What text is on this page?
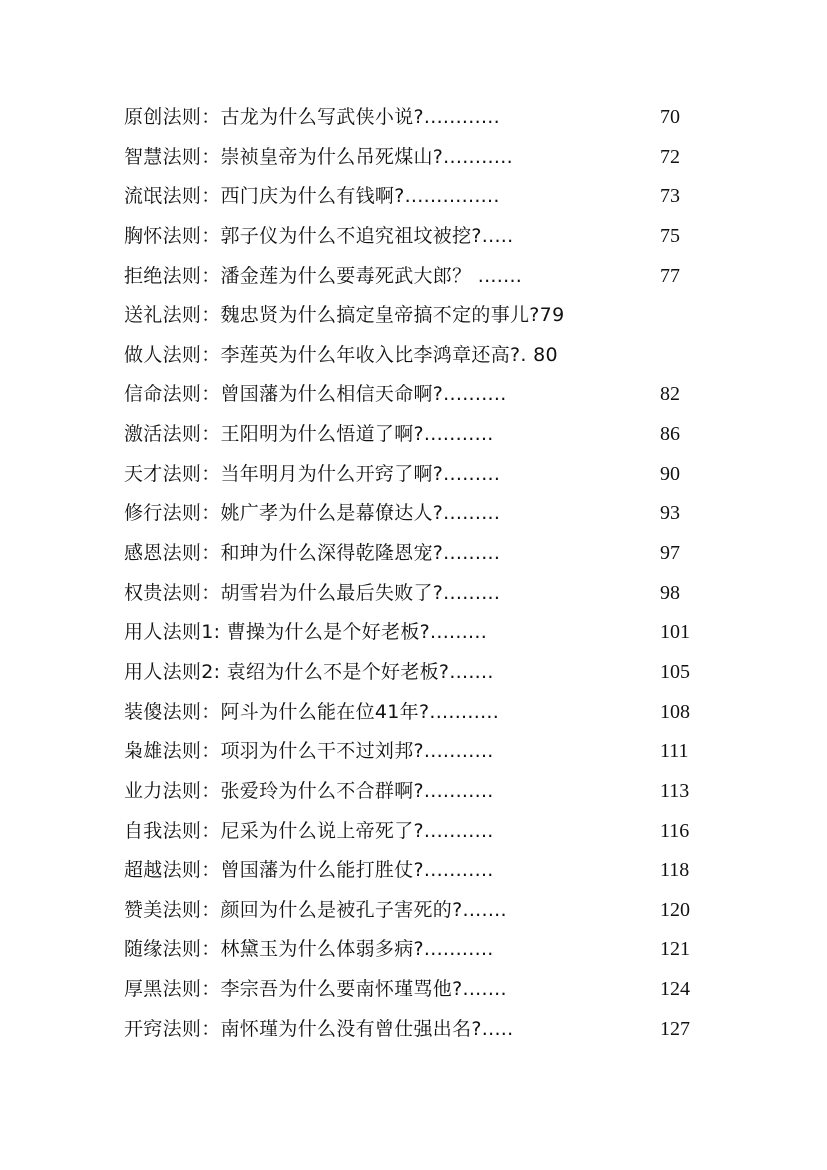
原创法则：古龙为什么写武侠小说?............	70
智慧法则：崇祯皇帝为什么吊死煤山?...........	72
流氓法则：西门庆为什么有钱啊?...............	73
胸怀法则：郭子仪为什么不追究祖坟被挖?.....	75
拒绝法则：潘金莲为什么要毒死武大郎？ .......	77
送礼法则：魏忠贤为什么搞定皇帝搞不定的事儿?79
做人法则：李莲英为什么年收入比李鸿章还高?. 80
信命法则：曾国藩为什么相信天命啊?..........	82
激活法则：王阳明为什么悟道了啊?...........	86
天才法则：当年明月为什么开窍了啊?.........	90
修行法则：姚广孝为什么是幕僚达人?.........	93
感恩法则：和珅为什么深得乾隆恩宠?.........	97
权贵法则：胡雪岩为什么最后失败了?.........	98
用人法则1: 曹操为什么是个好老板?.........	101
用人法则2: 袁绍为什么不是个好老板?.......	105
装傻法则：阿斗为什么能在位41年?...........	108
枭雄法则：项羽为什么干不过刘邦?...........	111
业力法则：张爱玲为什么不合群啊?...........	113
自我法则：尼采为什么说上帝死了?...........	116
超越法则：曾国藩为什么能打胜仗?...........	118
赞美法则：颜回为什么是被孔子害死的?.......	120
随缘法则：林黛玉为什么体弱多病?...........	121
厚黑法则：李宗吾为什么要南怀瑾骂他?.......	124
开窍法则：南怀瑾为什么没有曾仕强出名?.....	127
